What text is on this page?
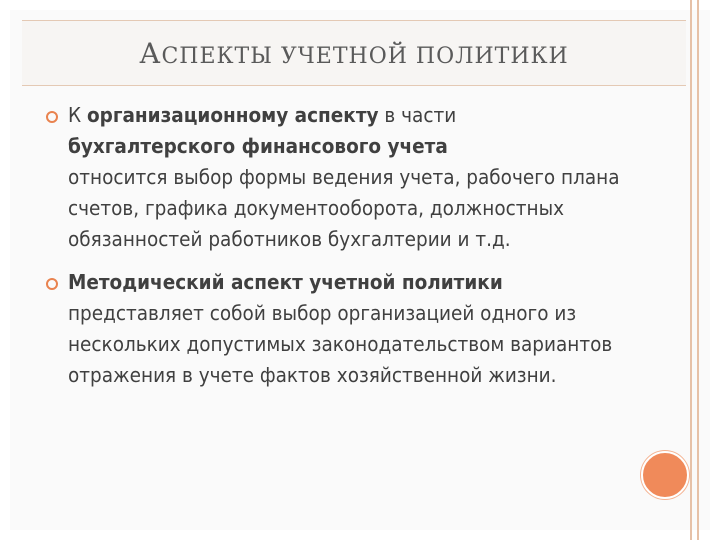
АСПЕКТЫ УЧЕТНОЙ ПОЛИТИКИ
К организационному аспекту в части
бухгалтерского финансового учета
относится выбор формы ведения учета, рабочего плана счетов, графика документооборота, должностных обязанностей работников бухгалтерии и т.д.
Методический аспект учетной политики
представляет собой выбор организацией одного из нескольких допустимых законодательством вариантов отражения в учете фактов хозяйственной жизни.
